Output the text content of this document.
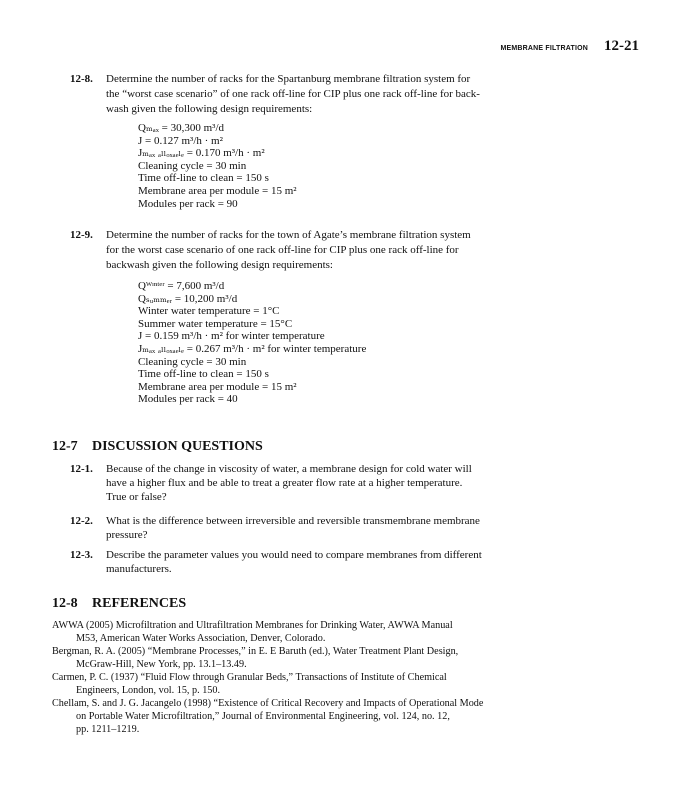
MEMBRANE FILTRATION 12-21
12-8. Determine the number of racks for the Spartanburg membrane filtration system for
the “worst case scenario” of one rack off-line for CIP plus one rack off-line for back-
wash given the following design requirements:
Qₘₐₓ = 30,300 m³/d
J = 0.127 m³/h · m²
Jₘₐₓ ₐₗₗₒₓₐₑₗₑ = 0.170 m³/h · m²
Cleaning cycle = 30 min
Time off-line to clean = 150 s
Membrane area per module = 15 m²
Modules per rack = 90
12-9. Determine the number of racks for the town of Agate’s membrane filtration system
for the worst case scenario of one rack off-line for CIP plus one rack off-line for
backwash given the following design requirements:
Qᵂᶦⁿᵗᵉʳ = 7,600 m³/d
Qₛᵤₘₘₑᵣ = 10,200 m³/d
Winter water temperature = 1°C
Summer water temperature = 15°C
J = 0.159 m³/h · m² for winter temperature
Jₘₐₓ ₐₗₗₒₓₐₑₗₑ = 0.267 m³/h · m² for winter temperature
Cleaning cycle = 30 min
Time off-line to clean = 150 s
Membrane area per module = 15 m²
Modules per rack = 40
12-7 DISCUSSION QUESTIONS
12-1. Because of the change in viscosity of water, a membrane design for cold water will
have a higher flux and be able to treat a greater flow rate at a higher temperature.
True or false?
12-2. What is the difference between irreversible and reversible transmembrane membrane
pressure?
12-3. Describe the parameter values you would need to compare membranes from different
manufacturers.
12-8 REFERENCES
AWWA (2005) Microfiltration and Ultrafiltration Membranes for Drinking Water, AWWA Manual
M53, American Water Works Association, Denver, Colorado.
Bergman, R. A. (2005) “Membrane Processes,” in E. E Baruth (ed.), Water Treatment Plant Design,
McGraw-Hill, New York, pp. 13.1–13.49.
Carmen, P. C. (1937) “Fluid Flow through Granular Beds,” Transactions of Institute of Chemical
Engineers, London, vol. 15, p. 150.
Chellam, S. and J. G. Jacangelo (1998) “Existence of Critical Recovery and Impacts of Operational Mode
on Portable Water Microfiltration,” Journal of Environmental Engineering, vol. 124, no. 12,
pp. 1211–1219.
